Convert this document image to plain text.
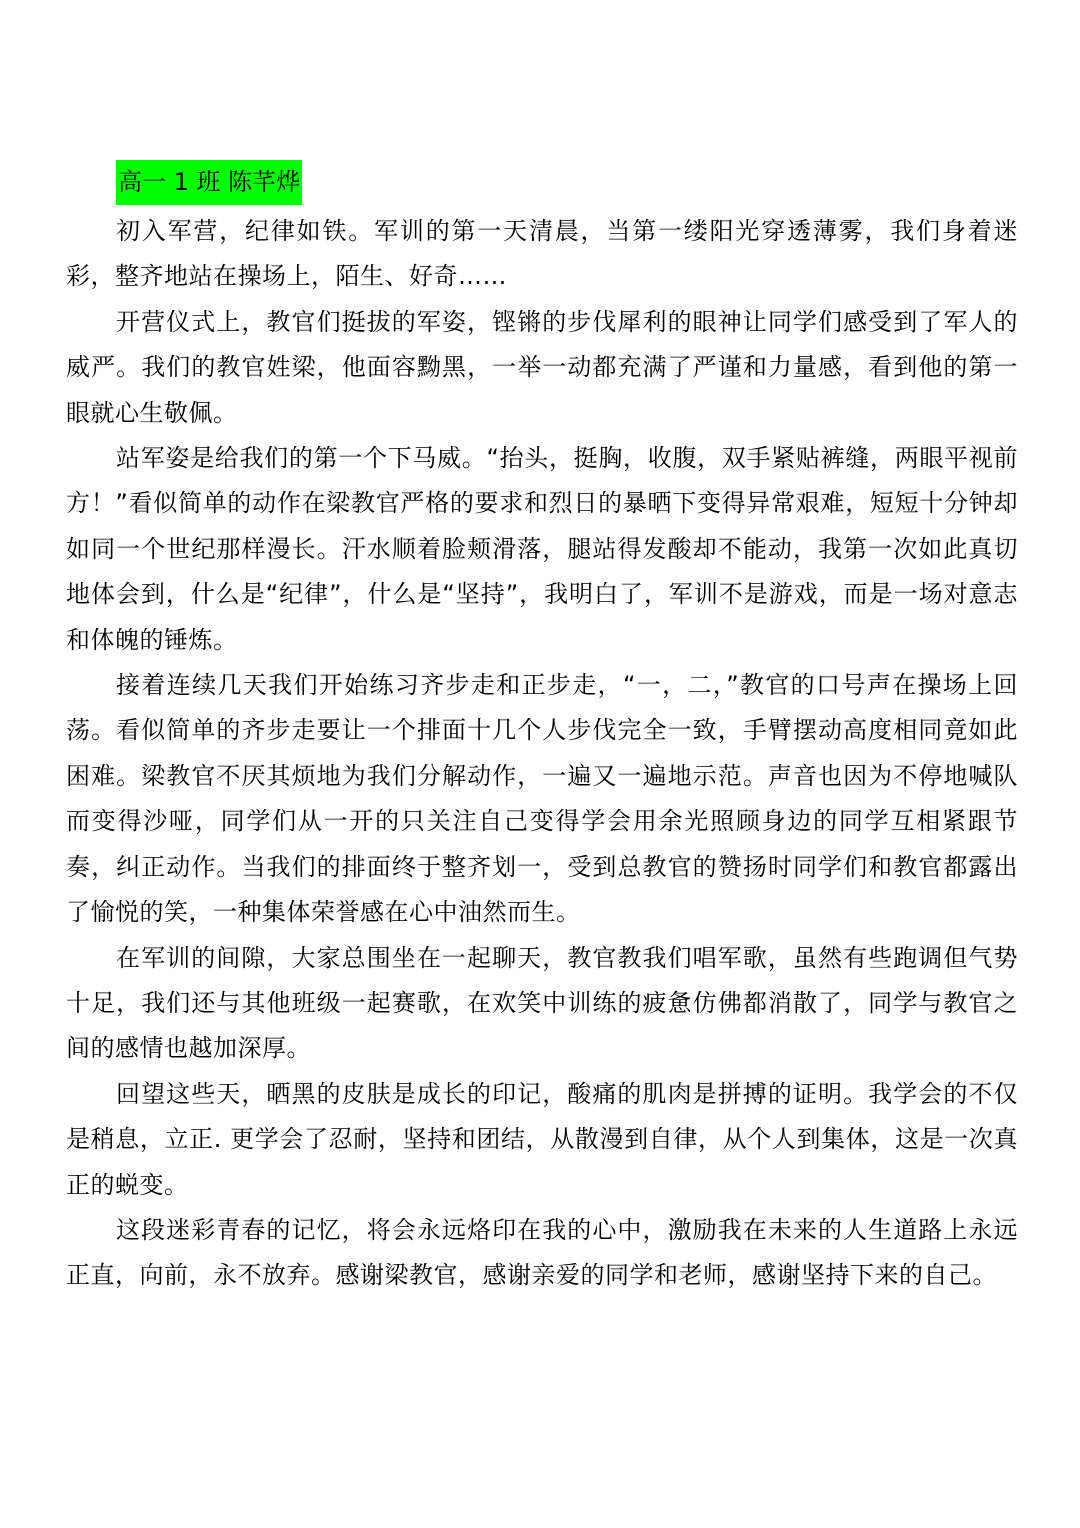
高一 1 班 陈芊烨

初入军营，纪律如铁。军训的第一天清晨，当第一缕阳光穿透薄雾，我们身着迷彩，整齐地站在操场上，陌生、好奇……

开营仪式上，教官们挺拔的军姿，铿锵的步伐犀利的眼神让同学们感受到了军人的威严。我们的教官姓梁，他面容黝黑，一举一动都充满了严谨和力量感，看到他的第一眼就心生敬佩。

站军姿是给我们的第一个下马威。“抬头，挺胸，收腹，双手紧贴裤缝，两眼平视前方！”看似简单的动作在梁教官严格的要求和烈日的暴晒下变得异常艰难，短短十分钟却如同一个世纪那样漫长。汗水顺着脸颊滑落，腿站得发酸却不能动，我第一次如此真切地体会到，什么是“纪律”，什么是“坚持”，我明白了，军训不是游戏，而是一场对意志和体魄的锤炼。

接着连续几天我们开始练习齐步走和正步走，“一，二，”教官的口号声在操场上回荡。看似简单的齐步走要让一个排面十几个人步伐完全一致，手臂摆动高度相同竟如此困难。梁教官不厌其烦地为我们分解动作，一遍又一遍地示范。声音也因为不停地喊队而变得沙哑，同学们从一开的只关注自己变得学会用余光照顾身边的同学互相紧跟节奏，纠正动作。当我们的排面终于整齐划一，受到总教官的赞扬时同学们和教官都露出了愉悦的笑，一种集体荣誉感在心中油然而生。

在军训的间隙，大家总围坐在一起聊天，教官教我们唱军歌，虽然有些跑调但气势十足，我们还与其他班级一起赛歌，在欢笑中训练的疲惫仿佛都消散了，同学与教官之间的感情也越加深厚。

回望这些天，晒黑的皮肤是成长的印记，酸痛的肌肉是拼搏的证明。我学会的不仅是稍息，立正. 更学会了忍耐，坚持和团结，从散漫到自律，从个人到集体，这是一次真正的蜕变。

这段迷彩青春的记忆，将会永远烙印在我的心中，激励我在未来的人生道路上永远正直，向前，永不放弃。感谢梁教官，感谢亲爱的同学和老师，感谢坚持下来的自己。
